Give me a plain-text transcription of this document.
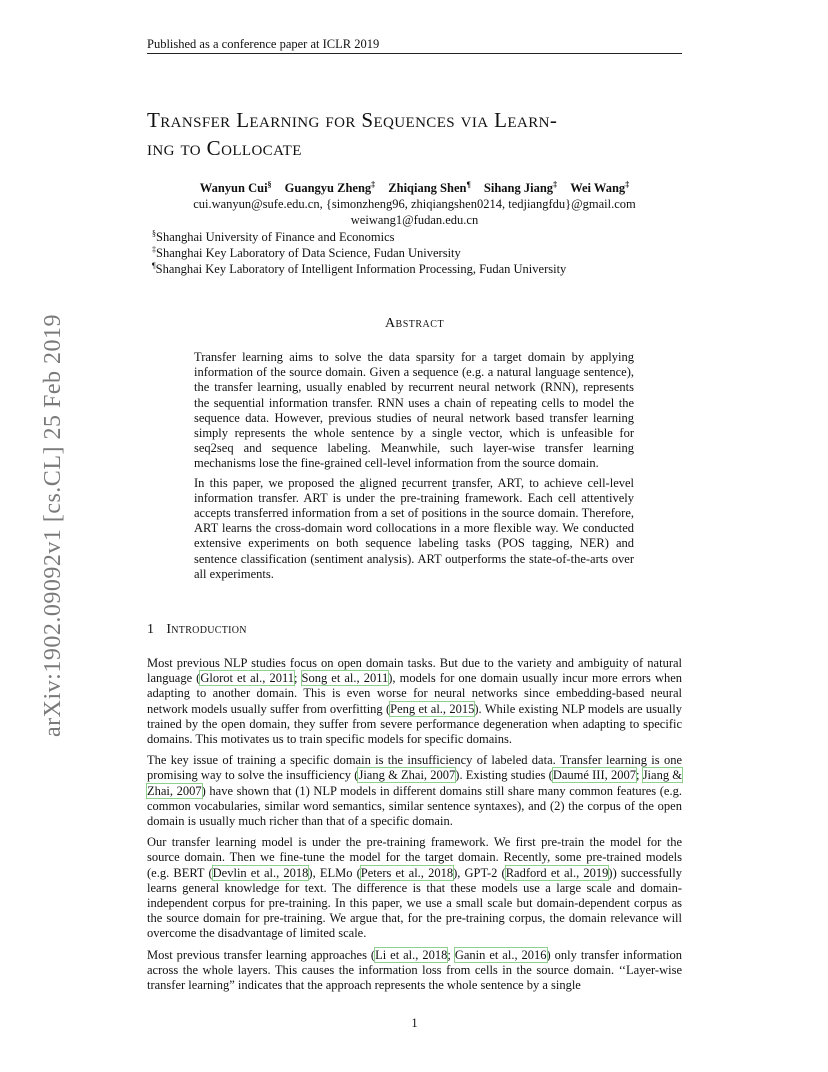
Published as a conference paper at ICLR 2019
arXiv:1902.09092v1 [cs.CL] 25 Feb 2019

Transfer Learning for Sequences via Learn-

ing to Collocate

Wanyun Cui§ Guangyu Zheng‡ Zhiqiang Shen¶ Sihang Jiang‡ Wei Wang‡

cui.wanyun@sufe.edu.cn, {simonzheng96, zhiqiangshen0214, tedjiangfdu}@gmail.com

weiwang1@fudan.edu.cn

§Shanghai University of Finance and Economics

‡Shanghai Key Laboratory of Data Science, Fudan University

¶Shanghai Key Laboratory of Intelligent Information Processing, Fudan University

Abstract

Transfer learning aims to solve the data sparsity for a target domain by applying information of the source domain. Given a sequence (e.g. a natural language sentence), the transfer learning, usually enabled by recurrent neural network (RNN), represents the sequential information transfer. RNN uses a chain of repeating cells to model the sequence data. However, previous studies of neural network based transfer learning simply represents the whole sentence by a single vector, which is unfeasible for seq2seq and sequence labeling. Meanwhile, such layer-wise transfer learning mechanisms lose the fine-grained cell-level information from the source domain.

In this paper, we proposed the aligned recurrent transfer, ART, to achieve cell-level information transfer. ART is under the pre-training framework. Each cell attentively accepts transferred information from a set of positions in the source domain. Therefore, ART learns the cross-domain word collocations in a more flexible way. We conducted extensive experiments on both sequence labeling tasks (POS tagging, NER) and sentence classification (sentiment analysis). ART outperforms the state-of-the-arts over all experiments.

1 Introduction

Most previous NLP studies focus on open domain tasks. But due to the variety and ambiguity of natural language (Glorot et al., 2011; Song et al., 2011), models for one domain usually incur more errors when adapting to another domain. This is even worse for neural networks since embedding-based neural network models usually suffer from overfitting (Peng et al., 2015). While existing NLP models are usually trained by the open domain, they suffer from severe performance degeneration when adapting to specific domains. This motivates us to train specific models for specific domains.

The key issue of training a specific domain is the insufficiency of labeled data. Transfer learning is one promising way to solve the insufficiency (Jiang & Zhai, 2007). Existing studies (Daumé III, 2007; Jiang & Zhai, 2007) have shown that (1) NLP models in different domains still share many common features (e.g. common vocabularies, similar word semantics, similar sentence syntaxes), and (2) the corpus of the open domain is usually much richer than that of a specific domain.

Our transfer learning model is under the pre-training framework. We first pre-train the model for the source domain. Then we fine-tune the model for the target domain. Recently, some pre-trained models (e.g. BERT (Devlin et al., 2018), ELMo (Peters et al., 2018), GPT-2 (Radford et al., 2019)) successfully learns general knowledge for text. The difference is that these models use a large scale and domain-independent corpus for pre-training. In this paper, we use a small scale but domain-dependent corpus as the source domain for pre-training. We argue that, for the pre-training corpus, the domain relevance will overcome the disadvantage of limited scale.

Most previous transfer learning approaches (Li et al., 2018; Ganin et al., 2016) only transfer information across the whole layers. This causes the information loss from cells in the source domain. ‘‘Layer-wise transfer learning” indicates that the approach represents the whole sentence by a single

1
